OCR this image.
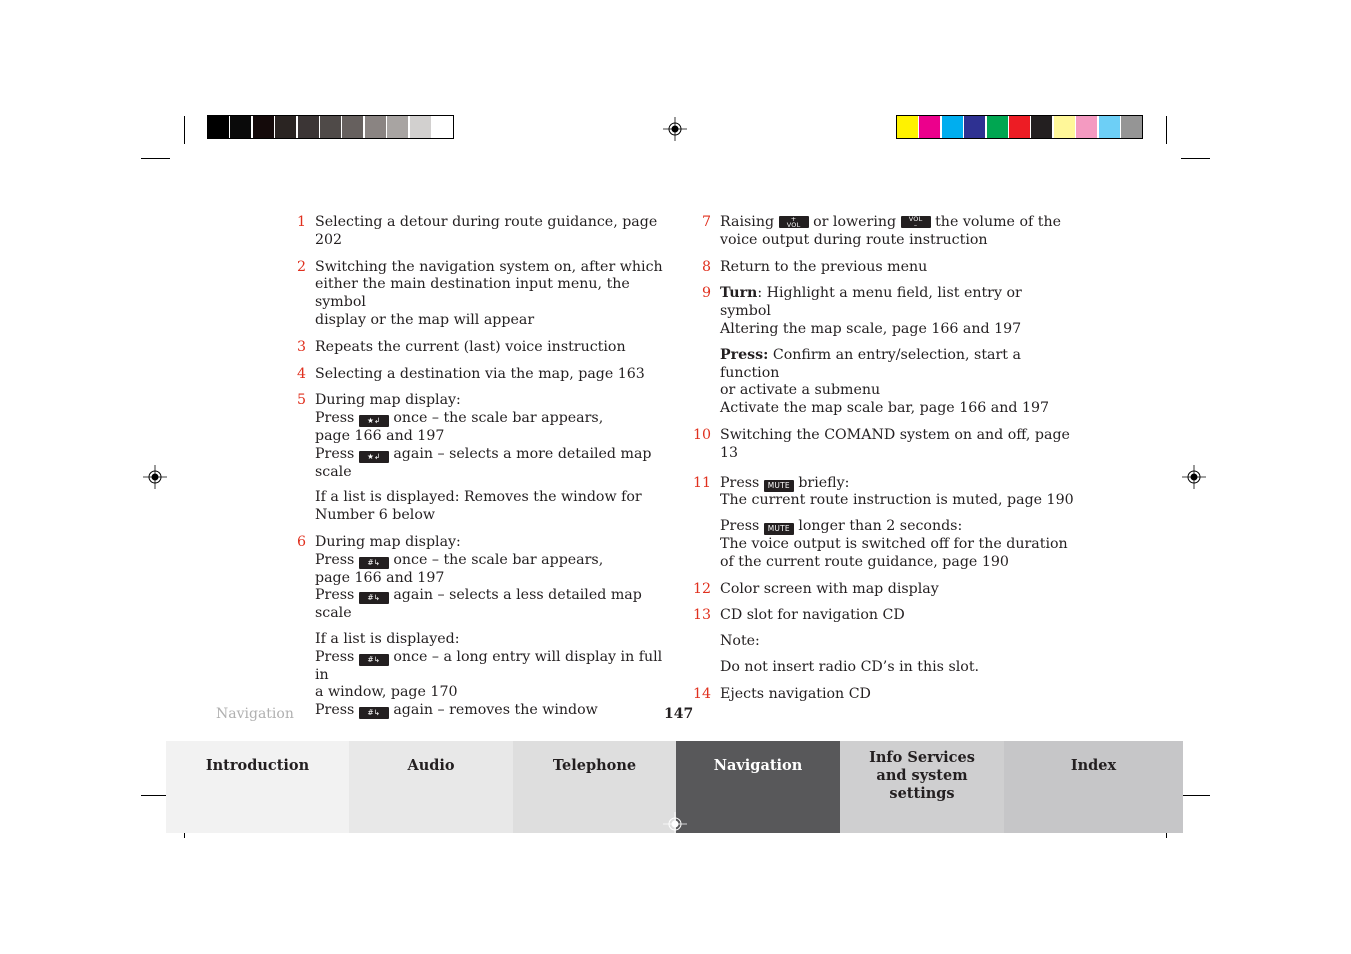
1 Selecting a detour during route guidance, page 202
2 Switching the navigation system on, after which
either the main destination input menu, the symbol
display or the map will appear
3 Repeats the current (last) voice instruction
4 Selecting a destination via the map, page 163
5 During map display:
Press ★↲ once – the scale bar appears,
page 166 and 197
Press ★↲ again – selects a more detailed map
scale
If a list is displayed: Removes the window for
Number 6 below
6 During map display:
Press #↳ once – the scale bar appears,
page 166 and 197
Press #↳ again – selects a less detailed map scale
If a list is displayed:
Press #↳ once – a long entry will display in full in
a window, page 170
Press #↳ again – removes the window
7 Raising	+
VOL or lowering VOL
– the volume of the
voice output during route instruction
8 Return to the previous menu
9 Turn: Highlight a menu field, list entry or symbol
Altering the map scale, page 166 and 197
Press: Confirm an entry/selection, start a function
or activate a submenu
Activate the map scale bar, page 166 and 197
10 Switching the COMAND system on and off, page 13
11 Press MUTE briefly:
The current route instruction is muted, page 190
Press MUTE longer than 2 seconds:
The voice output is switched off for the duration
of the current route guidance, page 190
12 Color screen with map display
13 CD slot for navigation CD
Note:
Do not insert radio CD’s in this slot.
14 Ejects navigation CD
Navigation	147
Introduction	Audio	Telephone	Navigation	Info Services and system settings
Index
